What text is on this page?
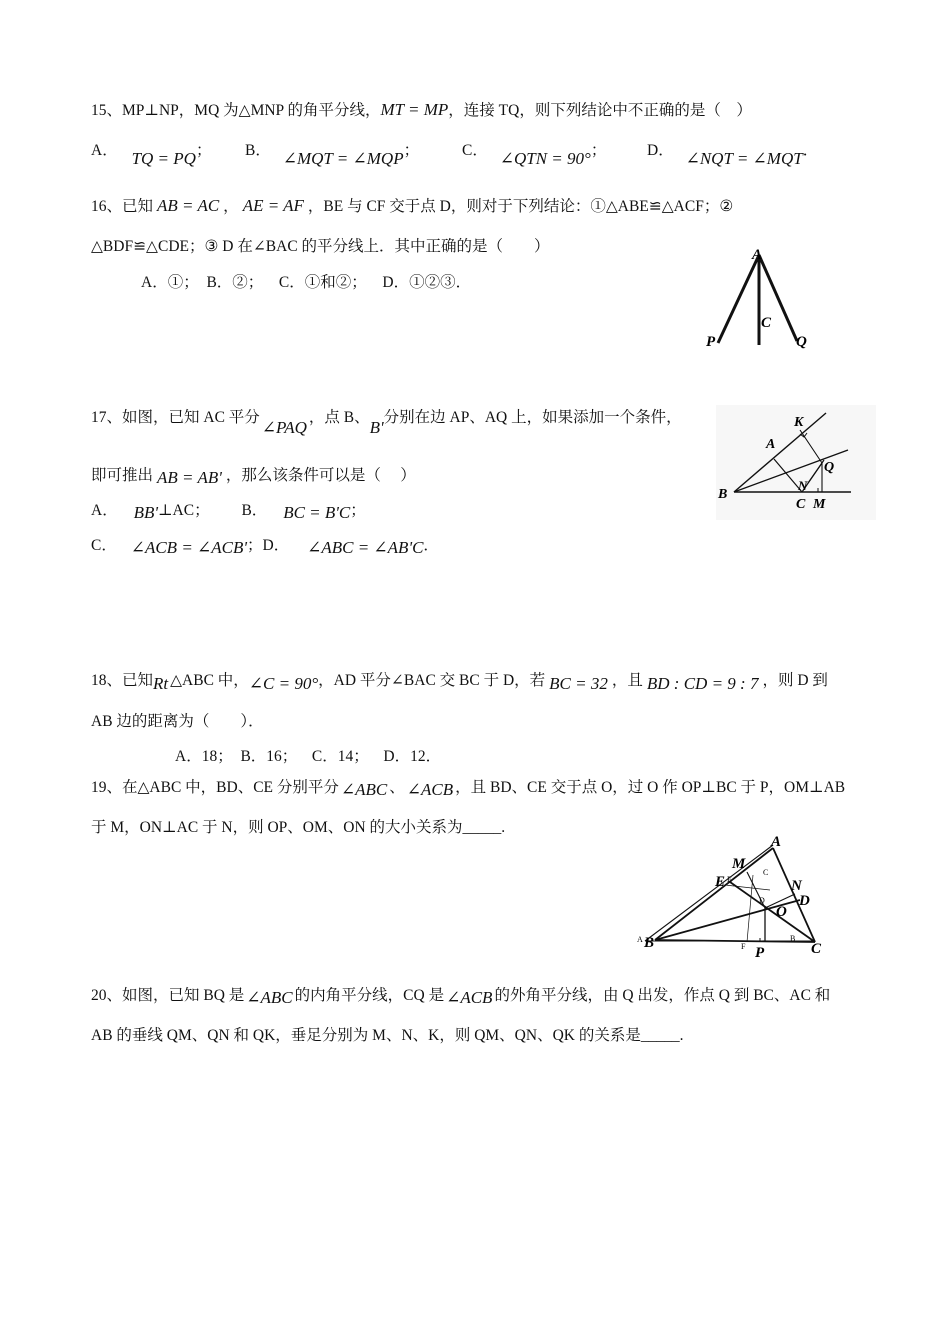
15、MP⊥NP，MQ 为△MNP 的角平分线，MT = MP，连接 TQ，则下列结论中不正确的是（　）
A． TQ = PQ； B． ∠MQT = ∠MQP；	C． ∠QTN = 90°；	D． ∠NQT = ∠MQT．
16、已知 AB = AC ， AE = AF ，BE 与 CF 交于点 D，则对于下列结论：①△ABE≌△ACF；②
△BDF≌△CDE；③ D 在∠BAC 的平分线上．其中正确的是（　　）
A．①；　B．②；　 C．①和②；　 D．①②③．
A
C
P	Q
17、如图，已知 AC 平分∠PAQ，点 B、B'分别在边 AP、AQ 上，如果添加一个条件，
即可推出 AB = AB' ，那么该条件可以是（　 ）
A． BB'⊥AC； B． BC = B'C；
C． ∠ACB = ∠ACB'；D． ∠ABC = ∠AB'C．
K
A
Q
N
B
C M
18、已知Rt △ABC 中，∠C = 90°，AD 平分∠BAC 交 BC 于 D，若 BC = 32 ，且 BD : CD = 9 : 7 ，则 D 到
AB 边的距离为（　　）．
A．18；　B．16；　 C．14；　 D．12．
19、在△ABC 中，BD、CE 分别平分 ∠ABC 、 ∠ACB ，且 BD、CE 交于点 O，过 O 作 OP⊥BC 于 P，OM⊥AB
于 M，ON⊥AC 于 N，则 OP、OM、ON 的大小关系为_____.
A
M
E	N
D
O
B
P	C
E
C
F
A	B
D
20、如图，已知 BQ 是 ∠ABC 的内角平分线，CQ 是 ∠ACB 的外角平分线，由 Q 出发，作点 Q 到 BC、AC 和
AB 的垂线 QM、QN 和 QK，垂足分别为 M、N、K，则 QM、QN、QK 的关系是_____.
